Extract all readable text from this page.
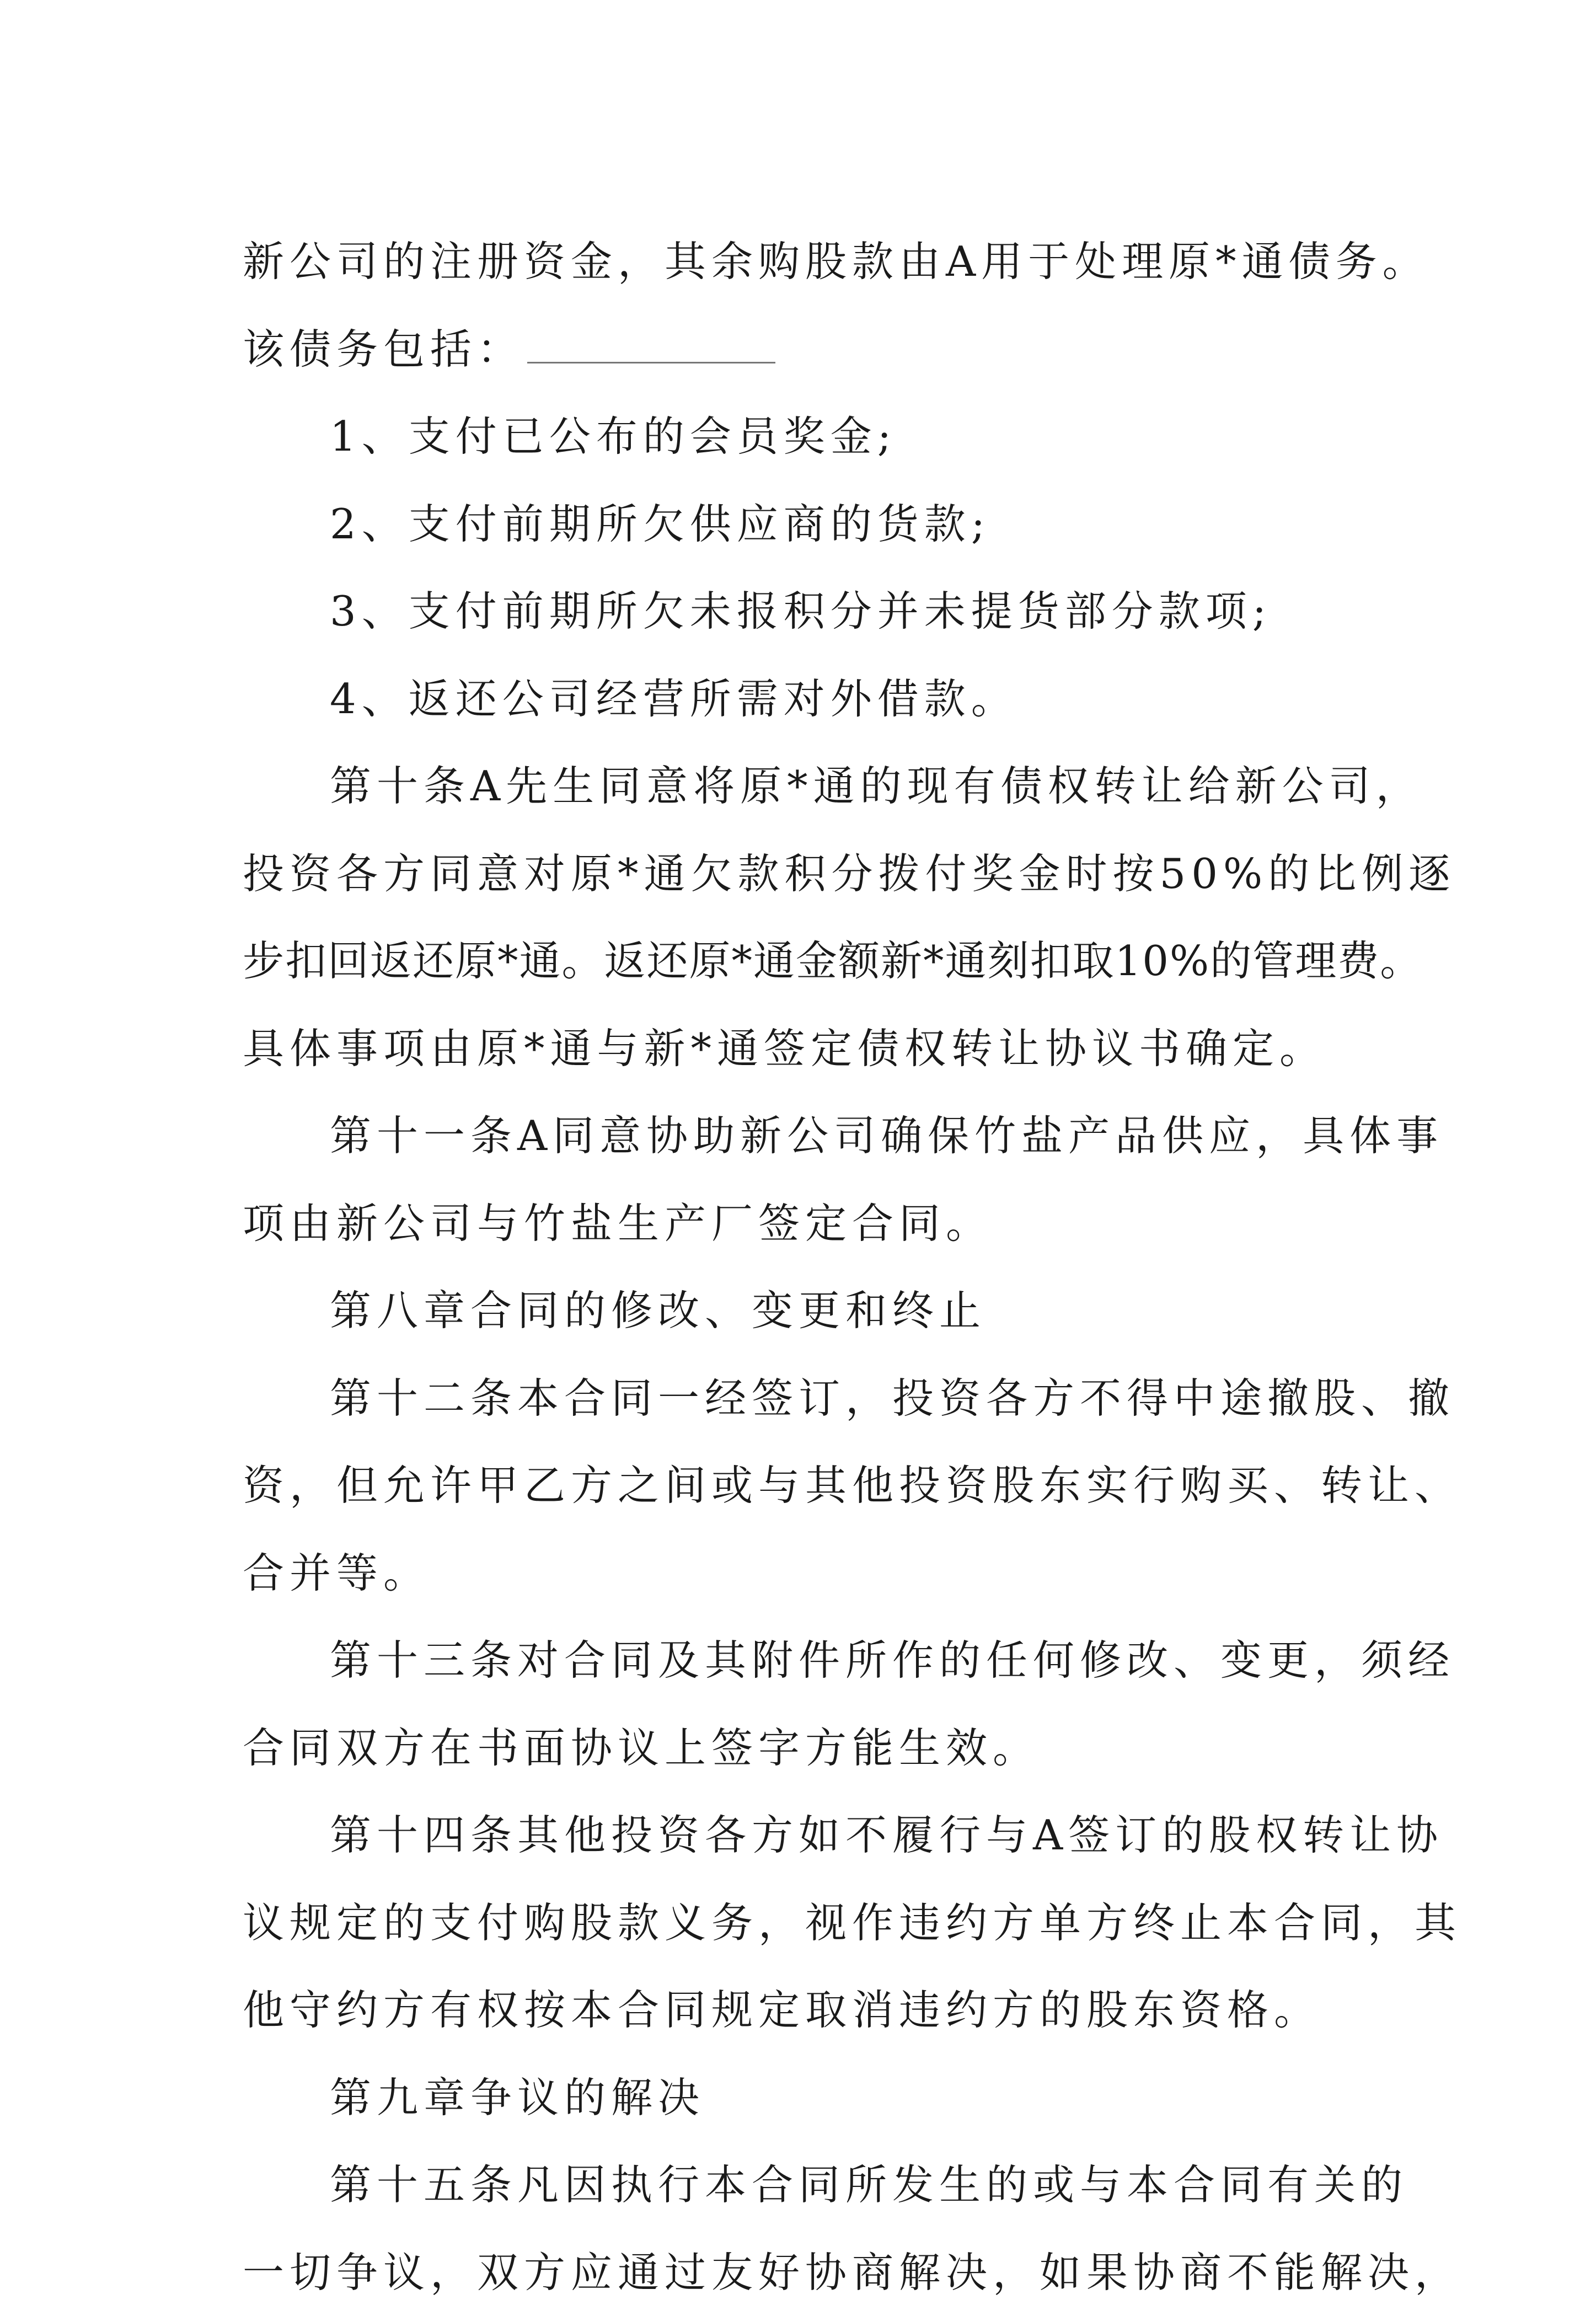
新公司的注册资金，其余购股款由A用于处理原*通债务。
该债务包括：
1、支付已公布的会员奖金;
2、支付前期所欠供应商的货款;
3、支付前期所欠未报积分并未提货部分款项;
4、返还公司经营所需对外借款。
第十条A先生同意将原*通的现有债权转让给新公司，
投资各方同意对原*通欠款积分拨付奖金时按50%的比例逐
步扣回返还原*通。返还原*通金额新*通刻扣取10%的管理费。
具体事项由原*通与新*通签定债权转让协议书确定。
第十一条A同意协助新公司确保竹盐产品供应，具体事
项由新公司与竹盐生产厂签定合同。
第八章合同的修改、变更和终止
第十二条本合同一经签订，投资各方不得中途撤股、撤
资，但允许甲乙方之间或与其他投资股东实行购买、转让、
合并等。
第十三条对合同及其附件所作的任何修改、变更，须经
合同双方在书面协议上签字方能生效。
第十四条其他投资各方如不履行与A签订的股权转让协
议规定的支付购股款义务，视作违约方单方终止本合同，其
他守约方有权按本合同规定取消违约方的股东资格。
第九章争议的解决
第十五条凡因执行本合同所发生的或与本合同有关的
一切争议，双方应通过友好协商解决，如果协商不能解决，
